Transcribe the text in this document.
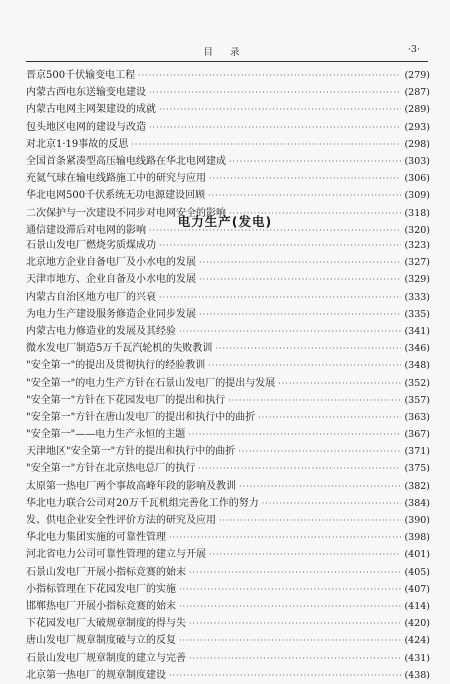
目 录	·3·
晋京500千伏输变电工程 ·····	(279)
内蒙古西电东送输变电建设 ·····	(287)
内蒙古电网主网架建设的成就 ·····	(289)
包头地区电网的建设与改造 ·····	(293)
对北京1·19事故的反思 ·····	(298)
全国首条紧凑型高压输电线路在华北电网建成 ·····	(303)
充氦气球在输电线路施工中的研究与应用 ·····	(306)
华北电网500千伏系统无功电源建设回顾 ·····	(309)
二次保护与一次建设不同步对电网安全的影响 ·····	(318)
通信建设滞后对电网的影响 ·····	(320)
电力生产(发电)
石景山发电厂燃烧劣质煤成功 ·····	(323)
北京地方企业自备电厂及小水电的发展 ·····	(327)
天津市地方、企业自备及小水电的发展 ·····	(329)
内蒙古自治区地方电厂的兴衰 ·····	(333)
为电力生产建设服务修造企业同步发展 ·····	(335)
内蒙古电力修造业的发展及其经验 ·····	(341)
微水发电厂制造5万千瓦汽轮机的失败教训 ·····	(346)
"安全第一"的提出及贯彻执行的经验教训 ·····	(348)
"安全第一"的电力生产方针在石景山发电厂的提出与发展 ·····	(352)
"安全第一"方针在下花园发电厂的提出和执行 ·····	(357)
"安全第一"方针在唐山发电厂的提出和执行中的曲折 ·····	(363)
"安全第一"——电力生产永恒的主题 ·····	(367)
天津地区"安全第一"方针的提出和执行中的曲折 ·····	(371)
"安全第一"方针在北京热电总厂的执行 ·····	(375)
太原第一热电厂两个事故高峰年段的影响及教训 ·····	(382)
华北电力联合公司对20万千瓦机组完善化工作的努力 ·····	(384)
发、供电企业安全性评价方法的研究及应用 ·····	(390)
华北电力集团实施的可靠性管理 ·····	(398)
河北省电力公司可靠性管理的建立与开展 ·····	(401)
石景山发电厂开展小指标竞赛的始末 ·····	(405)
小指标管理在下花园发电厂的实施 ·····	(407)
邯郸热电厂开展小指标竞赛的始末 ·····	(414)
下花园发电厂大破规章制度的得与失 ·····	(420)
唐山发电厂规章制度破与立的反复 ·····	(424)
石景山发电厂规章制度的建立与完善 ·····	(431)
北京第一热电厂的规章制度建设 ·····	(438)
